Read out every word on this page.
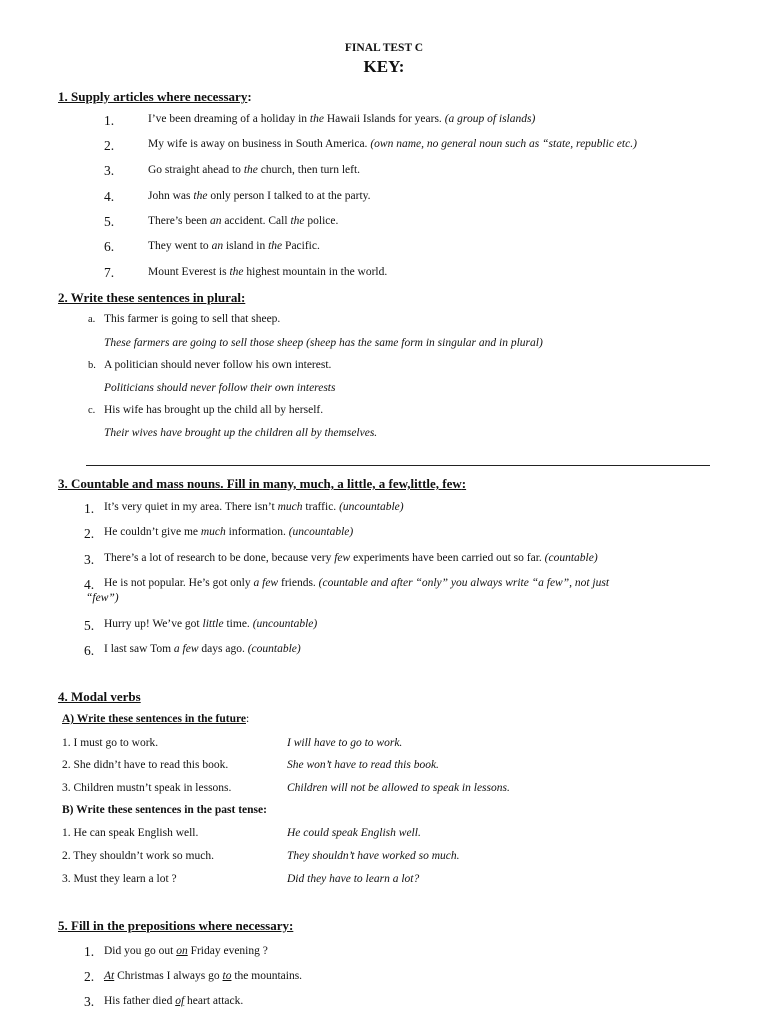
FINAL TEST C
KEY:
1. Supply articles where necessary:
1.	I’ve been dreaming of a holiday in the Hawaii Islands for years. (a group of islands)
2.	My wife is away on business in South America. (own name, no general noun such as “state, republic etc.)
3.	Go straight ahead to the church, then turn left.
4.	John was the only person I talked to at the party.
5.	There’s been an accident. Call the police.
6.	They went to an island in the Pacific.
7.	Mount Everest is the highest mountain in the world.
2. Write these sentences in plural:
a. This farmer is going to sell that sheep.
These farmers are going to sell those sheep (sheep has the same form in singular and in plural)
b. A politician should never follow his own interest.
Politicians should never follow their own interests
c. His wife has brought up the child all by herself.
Their wives have brought up the children all by themselves.
3. Countable and mass nouns. Fill in many, much, a little, a few,little, few:
1. It’s very quiet in my area. There isn’t much traffic. (uncountable)
2. He couldn’t give me much information. (uncountable)
3. There’s a lot of research to be done, because very few experiments have been carried out so far. (countable)
4. He is not popular. He’s got only a few friends. (countable and after “only” you always write “a few”, not just
“few”)
5. Hurry up! We’ve got little time. (uncountable)
6. I last saw Tom a few days ago. (countable)
4. Modal verbs
A) Write these sentences in the future:
1. I must go to work.	I will have to go to work.
2. She didn’t have to read this book.	She won’t have to read this book.
3. Children mustn’t speak in lessons.	Children will not be allowed to speak in lessons.
B) Write these sentences in the past tense:
1. He can speak English well.	He could speak English well.
2. They shouldn’t work so much.	They shouldn’t have worked so much.
3. Must they learn a lot ?	Did they have to learn a lot?
5. Fill in the prepositions where necessary:
1. Did you go out on Friday evening ?
2. At Christmas I always go to the mountains.
3. His father died of heart attack.
